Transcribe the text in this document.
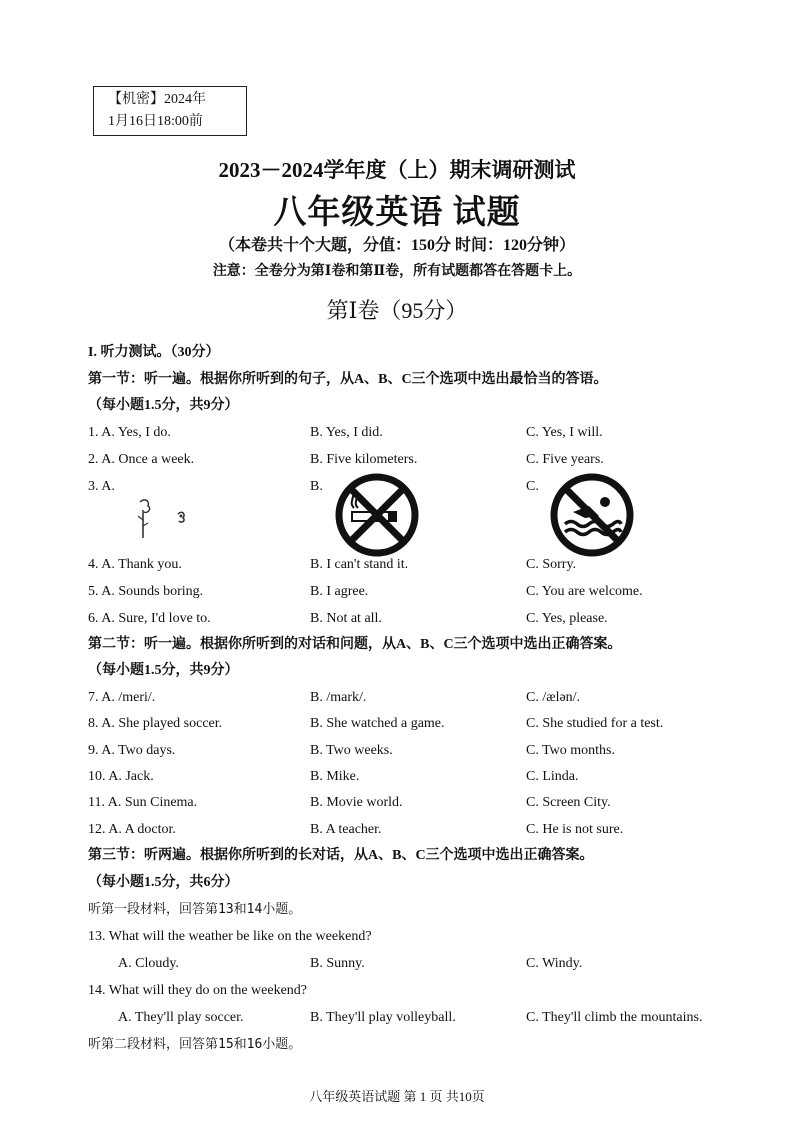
【机密】2024年
1月16日18:00前
2023－2024学年度（上）期末调研测试
八年级英语 试题
（本卷共十个大题，分值：150分 时间：120分钟）
注意：全卷分为第Ⅰ卷和第Ⅱ卷，所有试题都答在答题卡上。
第Ⅰ卷（95分）
I. 听力测试。（30分）
第一节：听一遍。根据你所听到的句子，从A、B、C三个选项中选出最恰当的答语。
（每小题1.5分，共9分）
1. A. Yes, I do.	B. Yes, I did.	C. Yes, I will.
2. A. Once a week.	B. Five kilometers.	C. Five years.
3. A.	B.	C.
4. A. Thank you.	B. I can't stand it.	C. Sorry.
5. A. Sounds boring.	B. I agree.	C. You are welcome.
6. A. Sure, I'd love to.	B. Not at all.	C. Yes, please.
第二节：听一遍。根据你所听到的对话和问题，从A、B、C三个选项中选出正确答案。
（每小题1.5分，共9分）
7. A. /meri/.	B. /mark/.	C. /ælən/.
8. A. She played soccer.	B. She watched a game.	C. She studied for a test.
9. A. Two days.	B. Two weeks.	C. Two months.
10. A. Jack.	B. Mike.	C. Linda.
11. A. Sun Cinema.	B. Movie world.	C. Screen City.
12. A. A doctor.	B. A teacher.	C. He is not sure.
第三节：听两遍。根据你所听到的长对话，从A、B、C三个选项中选出正确答案。
（每小题1.5分，共6分）
听第一段材料，回答第13和14小题。
13. What will the weather be like on the weekend?
A. Cloudy.	B. Sunny.	C. Windy.
14. What will they do on the weekend?
A. They'll play soccer.	B. They'll play volleyball.	C. They'll climb the mountains.
听第二段材料，回答第15和16小题。
八年级英语试题 第 1 页 共10页
